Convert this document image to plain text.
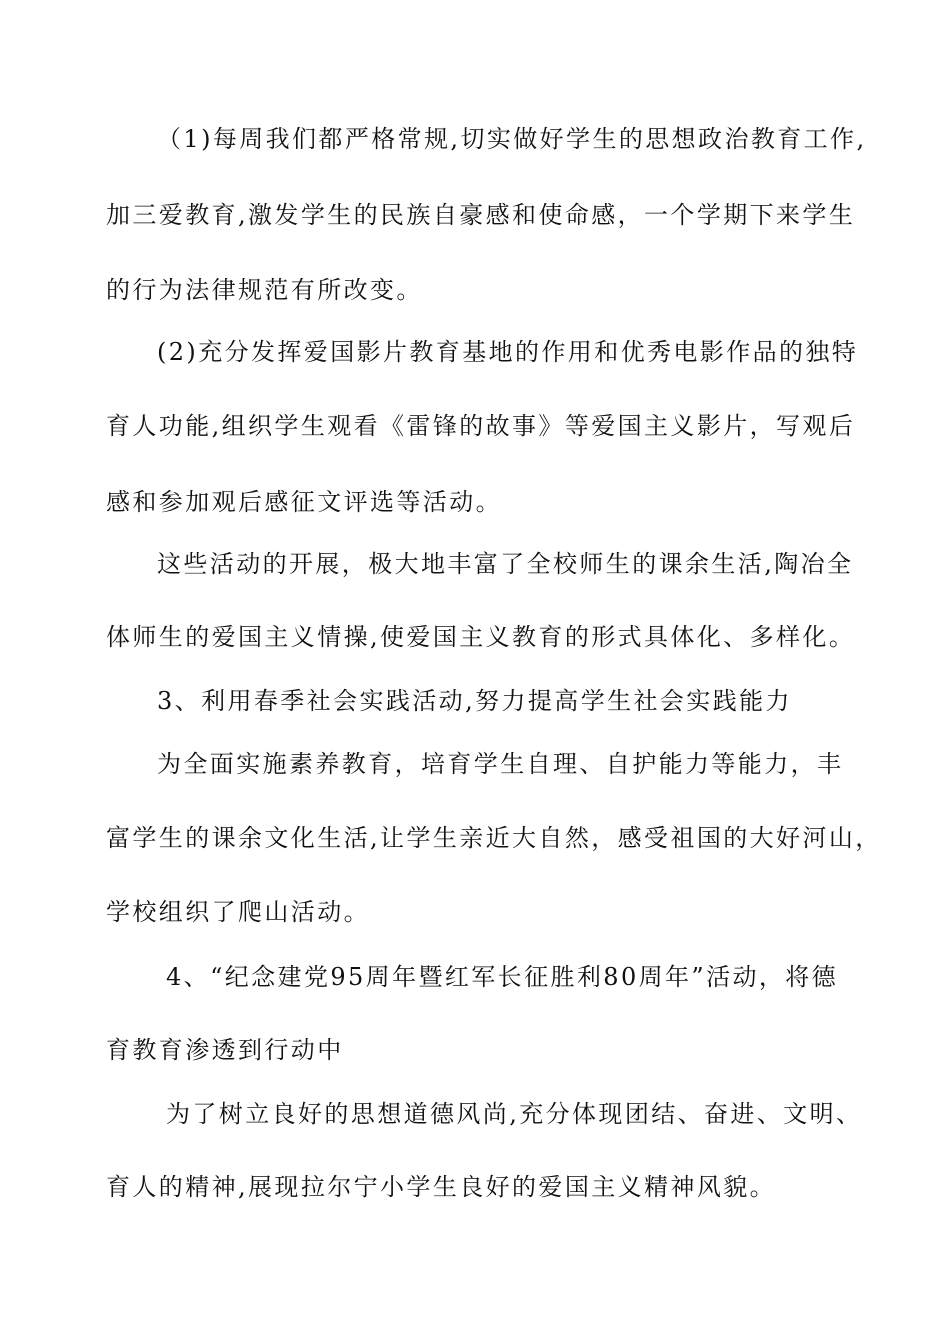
（1)每周我们都严格常规,切实做好学生的思想政治教育工作,
加三爱教育,激发学生的民族自豪感和使命感，一个学期下来学生
的行为法律规范有所改变。
(2)充分发挥爱国影片教育基地的作用和优秀电影作品的独特
育人功能,组织学生观看《雷锋的故事》等爱国主义影片，写观后
感和参加观后感征文评选等活动。
这些活动的开展，极大地丰富了全校师生的课余生活,陶冶全
体师生的爱国主义情操,使爱国主义教育的形式具体化、多样化。
3、利用春季社会实践活动,努力提高学生社会实践能力
为全面实施素养教育，培育学生自理、自护能力等能力，丰
富学生的课余文化生活,让学生亲近大自然，感受祖国的大好河山，
学校组织了爬山活动。
4、“纪念建党95周年暨红军长征胜利80周年”活动，将德
育教育渗透到行动中
为了树立良好的思想道德风尚,充分体现团结、奋进、文明、
育人的精神,展现拉尔宁小学生良好的爱国主义精神风貌。
